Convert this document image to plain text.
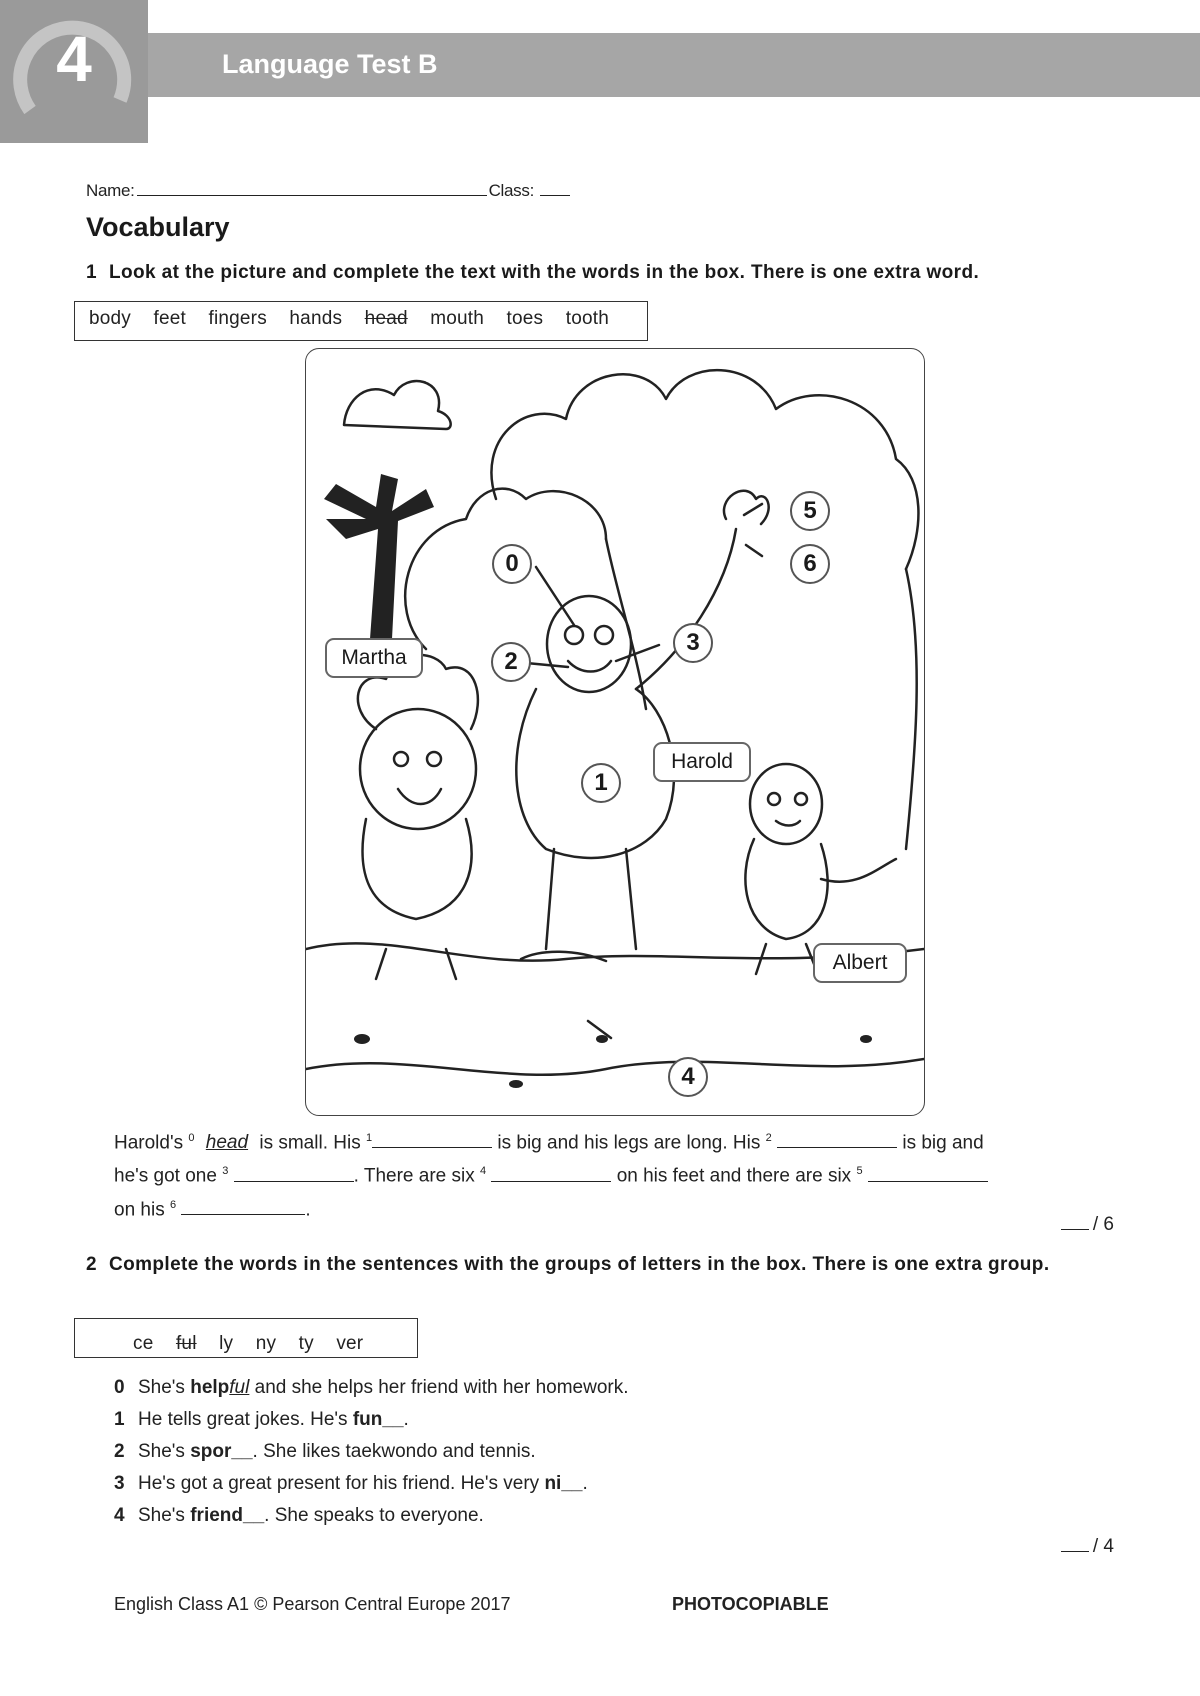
4	Language Test B
Name:	Class:
Vocabulary
1 Look at the picture and complete the text with the words in the box. There is one extra word.
body feet fingers hands head mouth toes tooth
Martha
Harold
Albert
0
1
2
3
4
5
6
Harold's $^0$ head is small. His $^1$	is big and his legs are long. His $^2$	is big and
he's got one $^3$	. There are six $^4$	on his feet and there are six $^5$
on his $^6$	.
/ 6
2 Complete the words in the sentences with the groups of letters in the box. There is one extra group.
ce ful ly ny ty ver
0 She's helpful and she helps her friend with her homework.
1 He tells great jokes. He's fun__.
2 She's spor__. She likes taekwondo and tennis.
3 He's got a great present for his friend. He's very ni__.
4 She's friend__. She speaks to everyone.
/ 4
English Class A1 © Pearson Central Europe 2017	PHOTOCOPIABLE
